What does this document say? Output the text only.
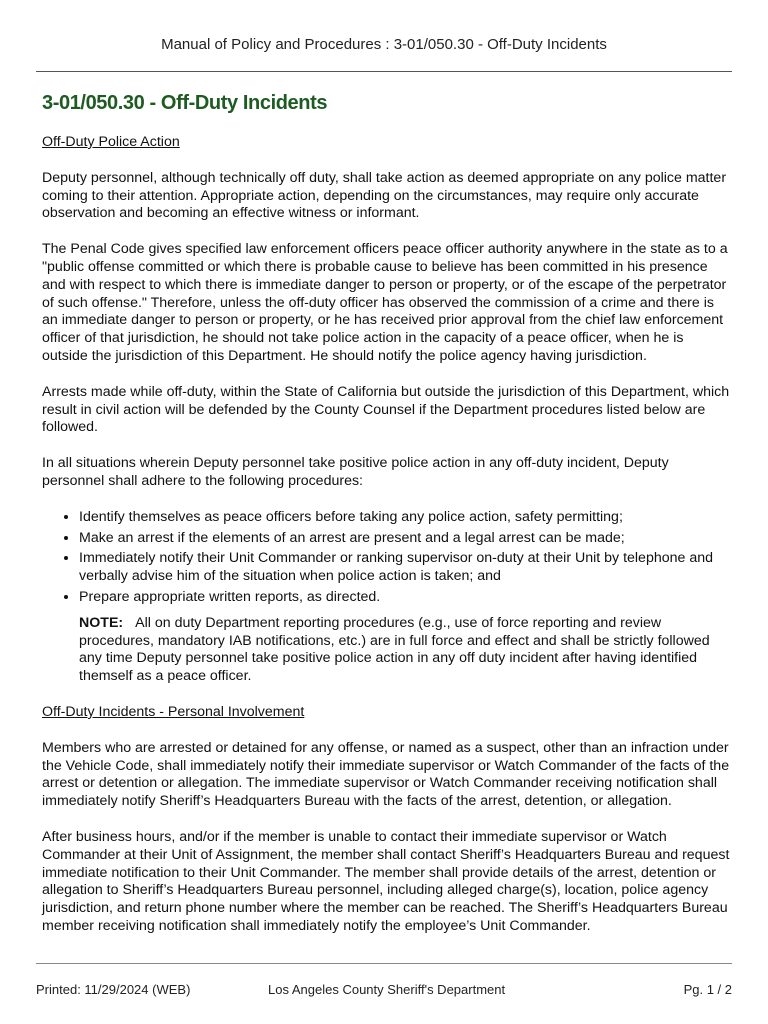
Manual of Policy and Procedures : 3-01/050.30 - Off-Duty Incidents
3-01/050.30 - Off-Duty Incidents
Off-Duty Police Action

Deputy personnel, although technically off duty, shall take action as deemed appropriate on any police matter coming to their attention. Appropriate action, depending on the circumstances, may require only accurate observation and becoming an effective witness or informant.

The Penal Code gives specified law enforcement officers peace officer authority anywhere in the state as to a "public offense committed or which there is probable cause to believe has been committed in his presence and with respect to which there is immediate danger to person or property, or of the escape of the perpetrator of such offense." Therefore, unless the off-duty officer has observed the commission of a crime and there is an immediate danger to person or property, or he has received prior approval from the chief law enforcement officer of that jurisdiction, he should not take police action in the capacity of a peace officer, when he is outside the jurisdiction of this Department. He should notify the police agency having jurisdiction.

Arrests made while off-duty, within the State of California but outside the jurisdiction of this Department, which result in civil action will be defended by the County Counsel if the Department procedures listed below are followed.

In all situations wherein Deputy personnel take positive police action in any off-duty incident, Deputy personnel shall adhere to the following procedures:

• Identify themselves as peace officers before taking any police action, safety permitting;
• Make an arrest if the elements of an arrest are present and a legal arrest can be made;
• Immediately notify their Unit Commander or ranking supervisor on-duty at their Unit by telephone and verbally advise him of the situation when police action is taken; and
• Prepare appropriate written reports, as directed.
NOTE: All on duty Department reporting procedures (e.g., use of force reporting and review procedures, mandatory IAB notifications, etc.) are in full force and effect and shall be strictly followed any time Deputy personnel take positive police action in any off duty incident after having identified themself as a peace officer.
Off-Duty Incidents - Personal Involvement

Members who are arrested or detained for any offense, or named as a suspect, other than an infraction under the Vehicle Code, shall immediately notify their immediate supervisor or Watch Commander of the facts of the arrest or detention or allegation. The immediate supervisor or Watch Commander receiving notification shall immediately notify Sheriff’s Headquarters Bureau with the facts of the arrest, detention, or allegation.

After business hours, and/or if the member is unable to contact their immediate supervisor or Watch Commander at their Unit of Assignment, the member shall contact Sheriff’s Headquarters Bureau and request immediate notification to their Unit Commander. The member shall provide details of the arrest, detention or allegation to Sheriff’s Headquarters Bureau personnel, including alleged charge(s), location, police agency jurisdiction, and return phone number where the member can be reached. The Sheriff’s Headquarters Bureau member receiving notification shall immediately notify the employee’s Unit Commander.

Printed: 11/29/2024 (WEB)	Los Angeles County Sheriff's Department	Pg. 1 / 2
